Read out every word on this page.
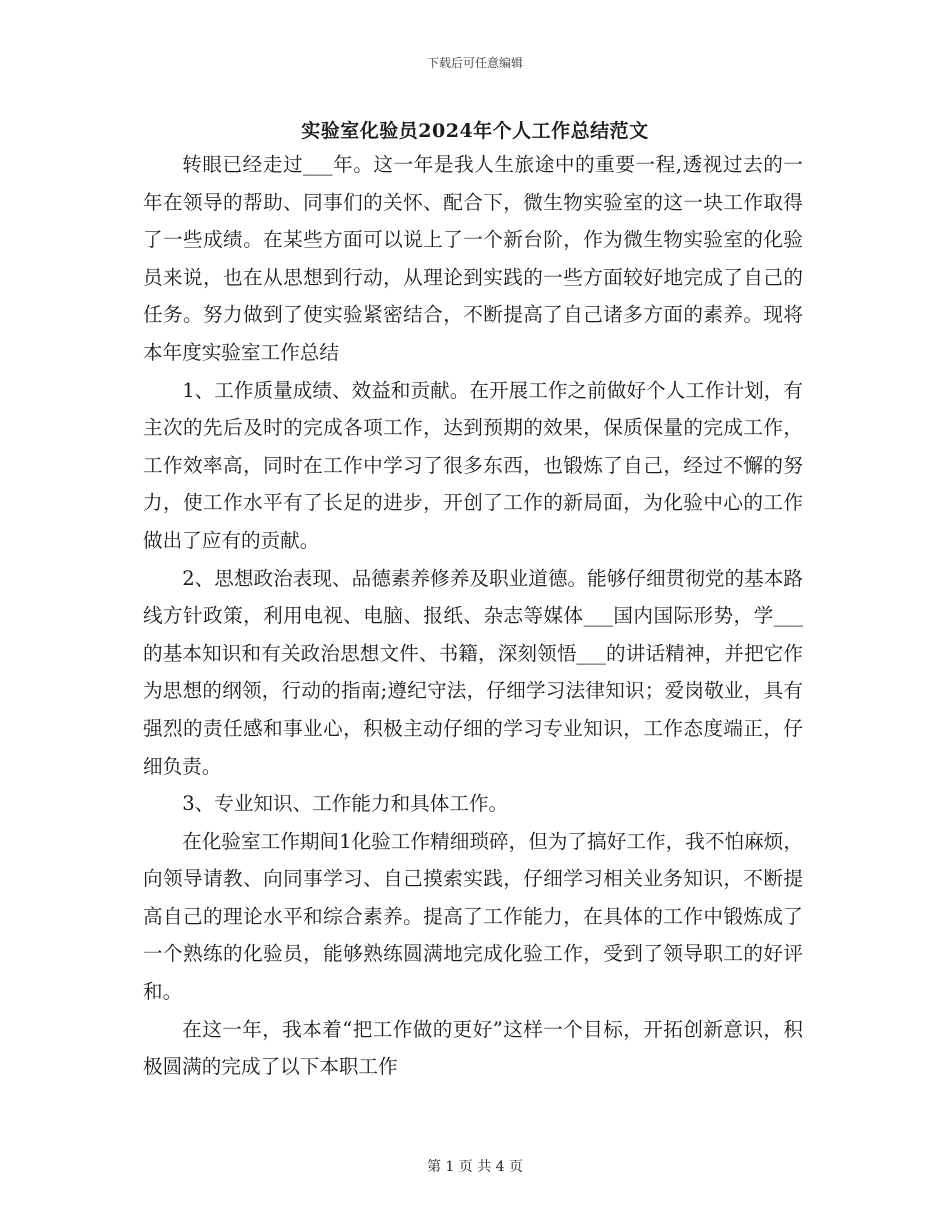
下载后可任意编辑
实验室化验员2024年个人工作总结范文

转眼已经走过___年。这一年是我人生旅途中的重要一程,透视过去的一年在领导的帮助、同事们的关怀、配合下，微生物实验室的这一块工作取得了一些成绩。在某些方面可以说上了一个新台阶，作为微生物实验室的化验员来说，也在从思想到行动，从理论到实践的一些方面较好地完成了自己的任务。努力做到了使实验紧密结合，不断提高了自己诸多方面的素养。现将本年度实验室工作总结

1、工作质量成绩、效益和贡献。在开展工作之前做好个人工作计划，有主次的先后及时的完成各项工作，达到预期的效果，保质保量的完成工作，工作效率高，同时在工作中学习了很多东西，也锻炼了自己，经过不懈的努力，使工作水平有了长足的进步，开创了工作的新局面，为化验中心的工作做出了应有的贡献。

2、思想政治表现、品德素养修养及职业道德。能够仔细贯彻党的基本路线方针政策，利用电视、电脑、报纸、杂志等媒体___国内国际形势，学___的基本知识和有关政治思想文件、书籍，深刻领悟___的讲话精神，并把它作为思想的纲领，行动的指南;遵纪守法，仔细学习法律知识；爱岗敬业，具有强烈的责任感和事业心，积极主动仔细的学习专业知识，工作态度端正，仔细负责。

3、专业知识、工作能力和具体工作。

在化验室工作期间1化验工作精细琐碎，但为了搞好工作，我不怕麻烦，向领导请教、向同事学习、自己摸索实践，仔细学习相关业务知识，不断提高自己的理论水平和综合素养。提高了工作能力，在具体的工作中锻炼成了一个熟练的化验员，能够熟练圆满地完成化验工作，受到了领导职工的好评和。

在这一年，我本着“把工作做的更好”这样一个目标，开拓创新意识，积极圆满的完成了以下本职工作

第 1 页 共 4 页
